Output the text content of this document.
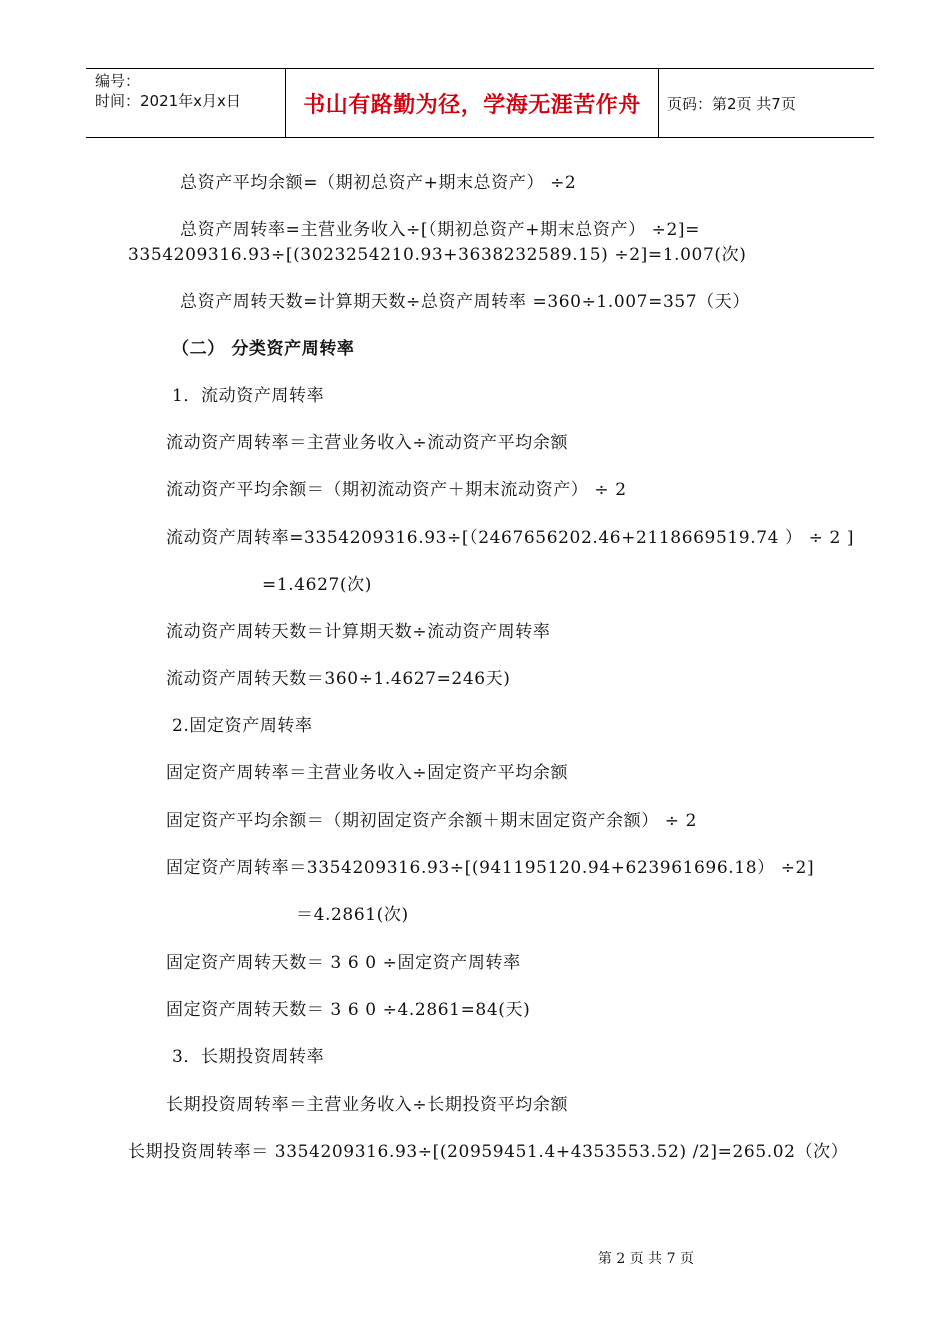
编号：
时间：2021年x月x日	书山有路勤为径，学海无涯苦作舟 页码：第2页 共7页
总资产平均余额=（期初总资产+期末总资产） ÷2
总资产周转率=主营业务收入÷[（期初总资产+期末总资产） ÷2]=
3354209316.93÷[(3023254210.93+3638232589.15) ÷2]=1.007(次)
总资产周转天数=计算期天数÷总资产周转率 =360÷1.007=357（天）
（二） 分类资产周转率
1．流动资产周转率
流动资产周转率＝主营业务收入÷流动资产平均余额
流动资产平均余额＝（期初流动资产＋期末流动资产） ÷ 2
流动资产周转率=3354209316.93÷[（2467656202.46+2118669519.74 ） ÷ 2 ]
=1.4627(次)
流动资产周转天数＝计算期天数÷流动资产周转率
流动资产周转天数＝360÷1.4627=246天)
2.固定资产周转率
固定资产周转率＝主营业务收入÷固定资产平均余额
固定资产平均余额＝（期初固定资产余额＋期末固定资产余额） ÷ 2
固定资产周转率＝3354209316.93÷[(941195120.94+623961696.18） ÷2]
＝4.2861(次)
固定资产周转天数＝ 3 6 0 ÷固定资产周转率
固定资产周转天数＝ 3 6 0 ÷4.2861=84(天)
3．长期投资周转率
长期投资周转率＝主营业务收入÷长期投资平均余额
长期投资周转率＝ 3354209316.93÷[(20959451.4+4353553.52) /2]=265.02（次）
第 2 页 共 7 页
